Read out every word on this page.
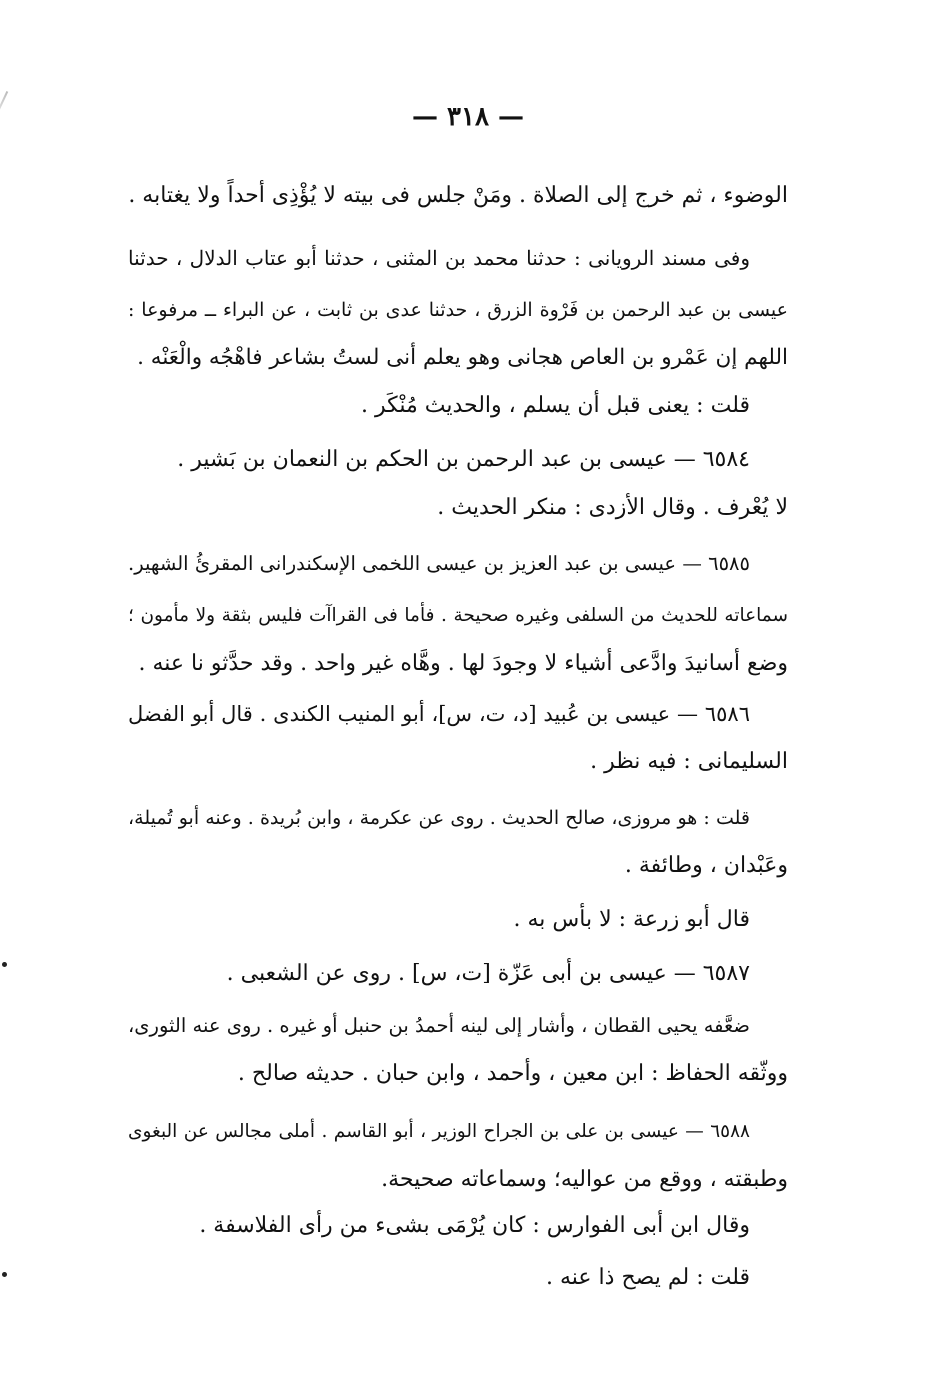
— ٣١٨ —
الوضوء ، ثم خرج إلى الصلاة . ومَنْ جلس فى بيته لا يُؤْذِى أحداً ولا يغتابه .
وفى مسند الرويانى : حدثنا محمد بن المثنى ، حدثنا أبو عتاب الدلال ، حدثنا
عيسى بن عبد الرحمن بن فَرْوة الزرق ، حدثنا عدى بن ثابت ، عن البراء ــ مرفوعا :
اللهم إن عَمْرو بن العاص هجانى وهو يعلم أنى لستُ بشاعر فاهْجُه والْعَنْه .
قلت : يعنى قبل أن يسلم ، والحديث مُنْكَر .
٦٥٨٤ — عيسى بن عبد الرحمن بن الحكم بن النعمان بن بَشير .
لا يُعْرف . وقال الأزدى : منكر الحديث .
٦٥٨٥ — عيسى بن عبد العزيز بن عيسى اللخمى الإسكندرانى المقرئُ الشهير.
سماعاته للحديث من السلفى وغيره صحيحة . فأما فى القراآت فليس بثقة ولا مأمون ؛
وضع أسانيدَ وادَّعى أشياء لا وجودَ لها . وهَّاه غير واحد . وقد حدَّثو نا عنه .
٦٥٨٦ — عيسى بن عُبيد [د، ت، س]، أبو المنيب الكندى . قال أبو الفضل
السليمانى : فيه نظر .
قلت : هو مروزى، صالح الحديث . روى عن عكرمة ، وابن بُريدة . وعنه أبو تُميلة،
وعَبْدان ، وطائفة .
قال أبو زرعة : لا بأس به .
٦٥٨٧ — عيسى بن أبى عَزّة [ت، س] . روى عن الشعبى .
ضعَّفه يحيى القطان ، وأشار إلى لينه أحمدُ بن حنبل أو غيره . روى عنه الثورى،
ووثّقه الحفاظ : ابن معين ، وأحمد ، وابن حبان . حديثه صالح .
٦٥٨٨ — عيسى بن على بن الجراح الوزير ، أبو القاسم . أملى مجالس عن البغوى
وطبقته ، ووقع من عواليه؛ وسماعاته صحيحة.
وقال ابن أبى الفوارس : كان يُرْمَى بشىء من رأى الفلاسفة .
قلت : لم يصح ذا عنه .
